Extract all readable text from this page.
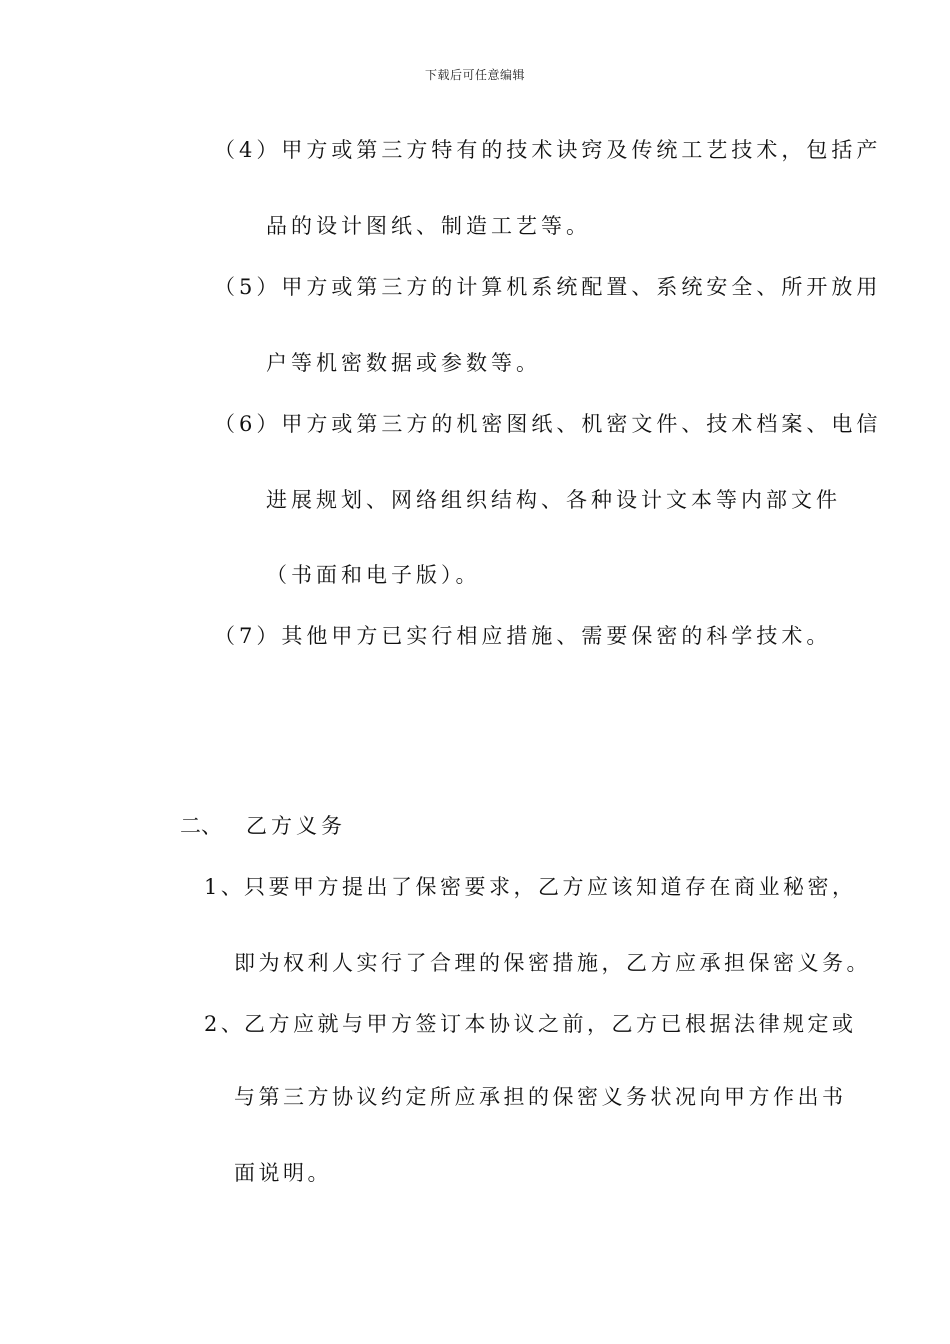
下载后可任意编辑
（4）甲方或第三方特有的技术诀窍及传统工艺技术，包括产
品的设计图纸、制造工艺等。
（5）甲方或第三方的计算机系统配置、系统安全、所开放用
户等机密数据或参数等。
（6）甲方或第三方的机密图纸、机密文件、技术档案、电信
进展规划、网络组织结构、各种设计文本等内部文件
（书面和电子版）。
（7）其他甲方已实行相应措施、需要保密的科学技术。
二、 乙方义务
1、只要甲方提出了保密要求，乙方应该知道存在商业秘密，
即为权利人实行了合理的保密措施，乙方应承担保密义务。
2、乙方应就与甲方签订本协议之前，乙方已根据法律规定或
与第三方协议约定所应承担的保密义务状况向甲方作出书
面说明。
